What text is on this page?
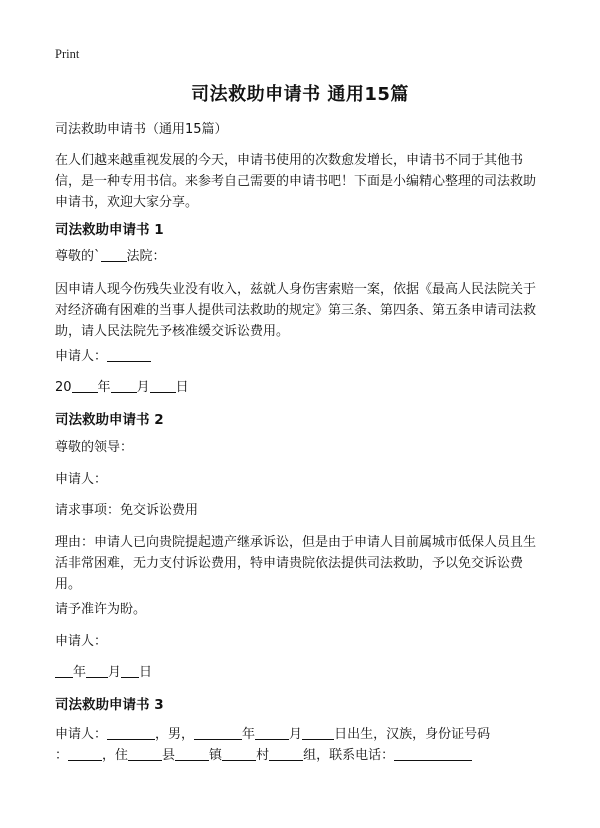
Print
司法救助申请书 通用15篇
司法救助申请书（通用15篇）
在人们越来越重视发展的今天，申请书使用的次数愈发增长，申请书不同于其他书信，是一种专用书信。来参考自己需要的申请书吧！下面是小编精心整理的司法救助申请书，欢迎大家分享。
司法救助申请书 1
尊敬的` 法院：
因申请人现今伤残失业没有收入，兹就人身伤害索赔一案，依据《最高人民法院关于对经济确有困难的当事人提供司法救助的规定》第三条、第四条、第五条申请司法救助，请人民法院先予核准缓交诉讼费用。
申请人：
20 年 月 日
司法救助申请书 2
尊敬的领导：
申请人：
请求事项：免交诉讼费用
理由：申请人已向贵院提起遗产继承诉讼，但是由于申请人目前属城市低保人员且生活非常困难，无力支付诉讼费用，特申请贵院依法提供司法救助，予以免交诉讼费用。
请予准许为盼。
申请人：
年 月 日
司法救助申请书 3
申请人：	，男，	年	月 日出生，汉族，身份证号码
：	，住	县	镇	村	组，联系电话：
